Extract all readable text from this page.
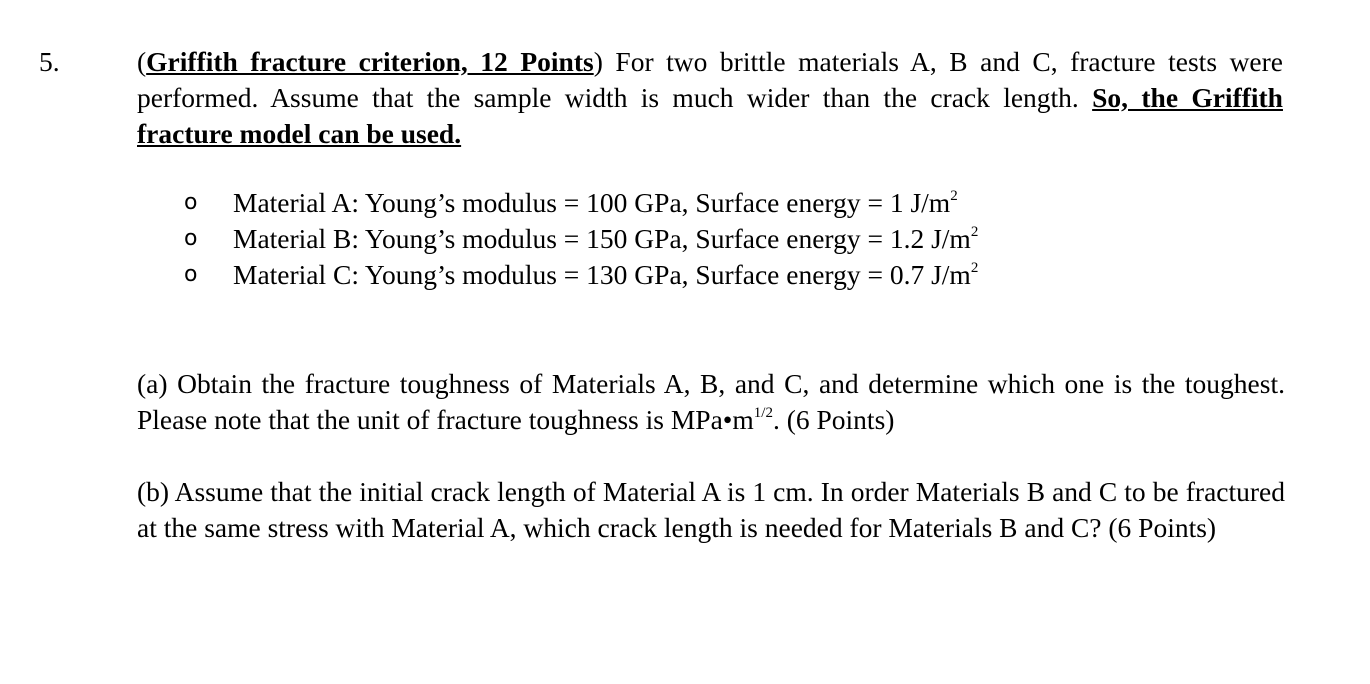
5.	(Griffith fracture criterion, 12 Points) For two brittle materials A, B and C, fracture tests were performed. Assume that the sample width is much wider than the crack length. So, the Griffith fracture model can be used.
o Material A: Young’s modulus = 100 GPa, Surface energy = 1 $J/m^2$
o Material B: Young’s modulus = 150 GPa, Surface energy = 1.2 $J/m^2$
o Material C: Young’s modulus = 130 GPa, Surface energy = 0.7 $J/m^2$
(a) Obtain the fracture toughness of Materials A, B, and C, and determine which one is the toughest. Please note that the unit of fracture toughness is $MPa•m^{1/2}$. (6 Points)
(b) Assume that the initial crack length of Material A is 1 cm. In order Materials B and C to be fractured at the same stress with Material A, which crack length is needed for Materials B and C? (6 Points)
